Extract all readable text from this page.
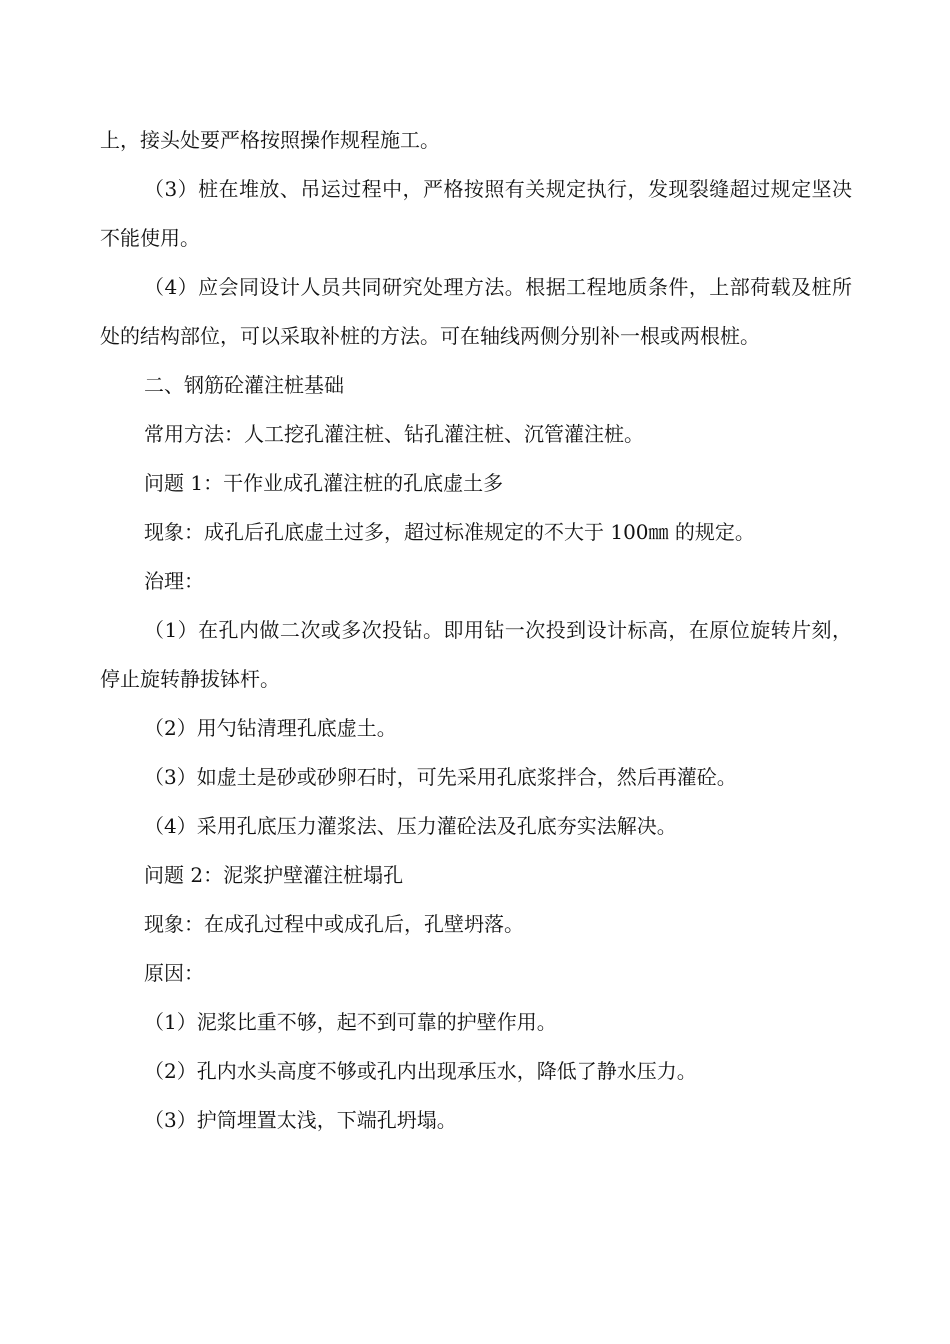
上，接头处要严格按照操作规程施工。

（3）桩在堆放、吊运过程中，严格按照有关规定执行，发现裂缝超过规定坚决不能使用。

（4）应会同设计人员共同研究处理方法。根据工程地质条件，上部荷载及桩所处的结构部位，可以采取补桩的方法。可在轴线两侧分别补一根或两根桩。

二、钢筋砼灌注桩基础

常用方法：人工挖孔灌注桩、钻孔灌注桩、沉管灌注桩。

问题 1：干作业成孔灌注桩的孔底虚土多

现象：成孔后孔底虚土过多，超过标准规定的不大于 100㎜ 的规定。

治理：

（1）在孔内做二次或多次投钻。即用钻一次投到设计标高，在原位旋转片刻，停止旋转静拔钵杆。

（2）用勺钻清理孔底虚土。

（3）如虚土是砂或砂卵石时，可先采用孔底浆拌合，然后再灌砼。

（4）采用孔底压力灌浆法、压力灌砼法及孔底夯实法解决。

问题 2：泥浆护壁灌注桩塌孔

现象：在成孔过程中或成孔后，孔壁坍落。

原因：

（1）泥浆比重不够，起不到可靠的护壁作用。

（2）孔内水头高度不够或孔内出现承压水，降低了静水压力。

（3）护筒埋置太浅，下端孔坍塌。
